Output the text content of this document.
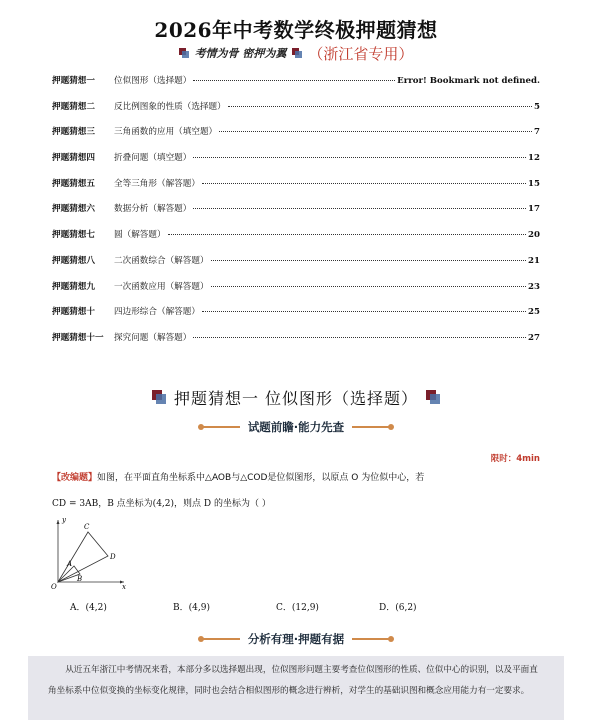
2026年中考数学终极押题猜想
考情为骨 密押为翼 （浙江省专用）
押题猜想一	位似图形（选择题）	Error! Bookmark not defined.
押题猜想二	反比例图象的性质（选择题）	5
押题猜想三	三角函数的应用（填空题）	7
押题猜想四	折叠问题（填空题）	12
押题猜想五	全等三角形（解答题）	15
押题猜想六	数据分析（解答题）	17
押题猜想七	圆（解答题）	20
押题猜想八	二次函数综合（解答题）	21
押题猜想九	一次函数应用（解答题）	23
押题猜想十	四边形综合（解答题）	25
押题猜想十一	探究问题（解答题）	27
押题猜想一 位似图形（选择题）
试题前瞻·能力先查
限时：4min
【改编题】如图，在平面直角坐标系中△AOB与△COD是位似图形，以原点 O 为位似中心，若
CD = 3AB，B 点坐标为(4,2)，则点 D 的坐标为（ ）
y
x
O
A
B
C
D
A．(4,2)	B．(4,9)	C．(12,9)	D．(6,2)
分析有理·押题有据

从近五年浙江中考情况来看，本部分多以选择题出现，位似图形问题主要考查位似图形的性质、位似中心的识别，以及平面直角坐标系中位似变换的坐标变化规律，同时也会结合相似图形的概念进行辨析，对学生的基础识图和概念应用能力有一定要求。
